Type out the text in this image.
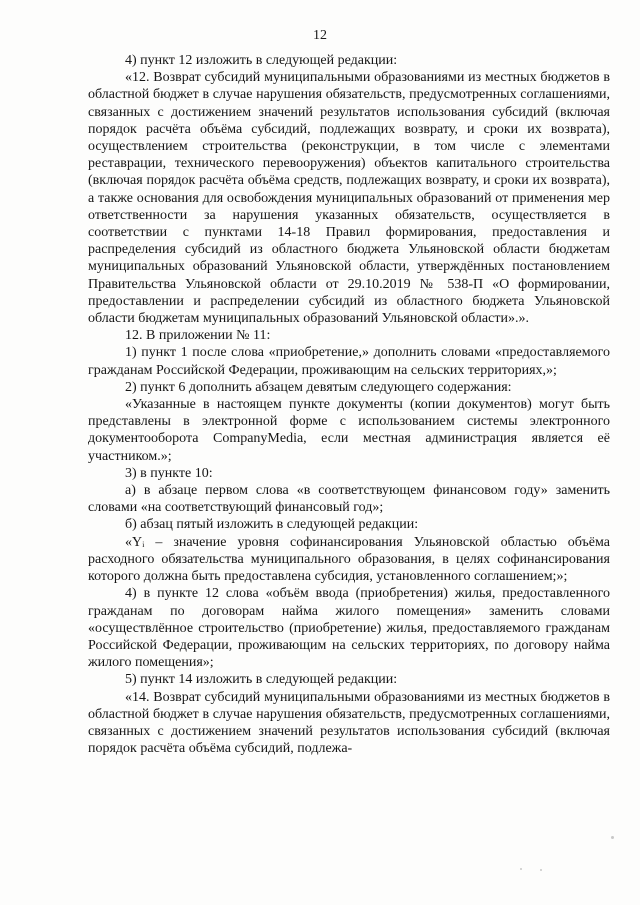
12

4) пункт 12 изложить в следующей редакции:

«12. Возврат субсидий муниципальными образованиями из местных бюджетов в областной бюджет в случае нарушения обязательств, предусмотренных соглашениями, связанных с достижением значений результатов использования субсидий (включая порядок расчёта объёма субсидий, подлежащих возврату, и сроки их возврата), осуществлением строительства (реконструкции, в том числе с элементами реставрации, технического перевооружения) объектов капитального строительства (включая порядок расчёта объёма средств, подлежащих возврату, и сроки их возврата), а также основания для освобождения муниципальных образований от применения мер ответственности за нарушения указанных обязательств, осуществляется в соответствии с пунктами 14-18 Правил формирования, предоставления и распределения субсидий из областного бюджета Ульяновской области бюджетам муниципальных образований Ульяновской области, утверждённых постановлением Правительства Ульяновской области от 29.10.2019 № 538-П «О формировании, предоставлении и распределении субсидий из областного бюджета Ульяновской области бюджетам муниципальных образований Ульяновской области».».

12. В приложении № 11:

1) пункт 1 после слова «приобретение,» дополнить словами «предоставляемого гражданам Российской Федерации, проживающим на сельских территориях,»;

2) пункт 6 дополнить абзацем девятым следующего содержания:

«Указанные в настоящем пункте документы (копии документов) могут быть представлены в электронной форме с использованием системы электронного документооборота CompanyMedia, если местная администрация является её участником.»;

3) в пункте 10:

а) в абзаце первом слова «в соответствующем финансовом году» заменить словами «на соответствующий финансовый год»;

б) абзац пятый изложить в следующей редакции:

«Yᵢ – значение уровня софинансирования Ульяновской областью объёма расходного обязательства муниципального образования, в целях софинансирования которого должна быть предоставлена субсидия, установленного соглашением;»;

4) в пункте 12 слова «объём ввода (приобретения) жилья, предоставленного гражданам по договорам найма жилого помещения» заменить словами «осуществлённое строительство (приобретение) жилья, предоставляемого гражданам Российской Федерации, проживающим на сельских территориях, по договору найма жилого помещения»;

5) пункт 14 изложить в следующей редакции:

«14. Возврат субсидий муниципальными образованиями из местных бюджетов в областной бюджет в случае нарушения обязательств, предусмотренных соглашениями, связанных с достижением значений результатов использования субсидий (включая порядок расчёта объёма субсидий, подлежа-
